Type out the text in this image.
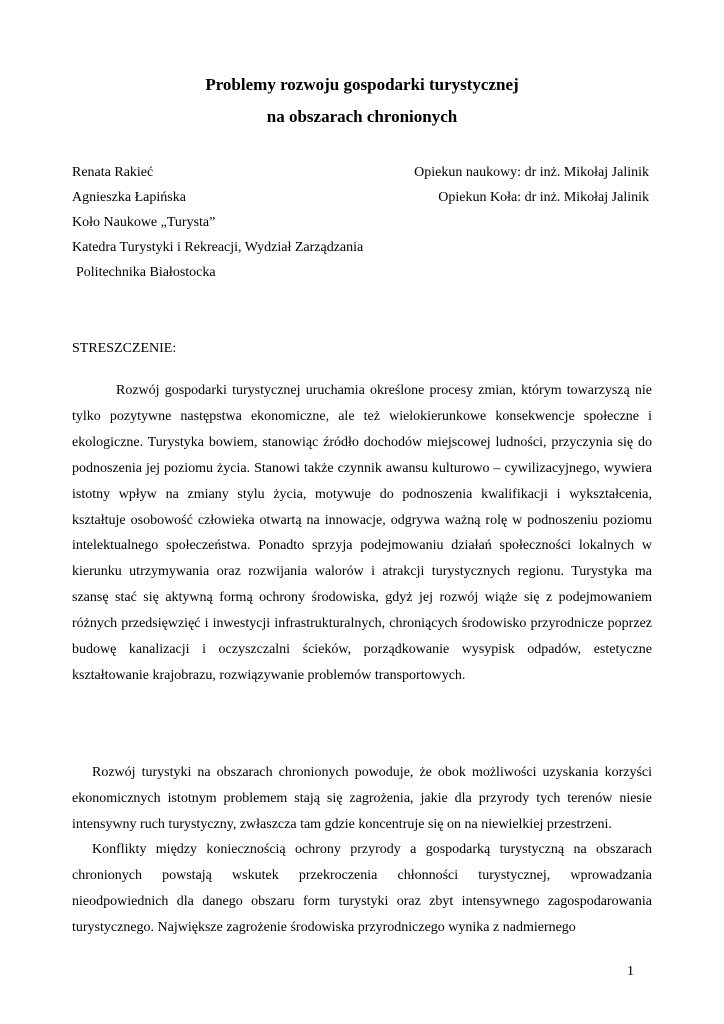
Problemy rozwoju gospodarki turystycznej
na obszarach chronionych
Renata Rakieć	Opiekun naukowy: dr inż. Mikołaj Jalinik
Agnieszka Łapińska	Opiekun Koła: dr inż. Mikołaj Jalinik
Koło Naukowe „Turysta”
Katedra Turystyki i Rekreacji, Wydział Zarządzania
Politechnika Białostocka
STRESZCZENIE:

Rozwój gospodarki turystycznej uruchamia określone procesy zmian, którym towarzyszą nie tylko pozytywne następstwa ekonomiczne, ale też wielokierunkowe konsekwencje społeczne i ekologiczne. Turystyka bowiem, stanowiąc źródło dochodów miejscowej ludności, przyczynia się do podnoszenia jej poziomu życia. Stanowi także czynnik awansu kulturowo – cywilizacyjnego, wywiera istotny wpływ na zmiany stylu życia, motywuje do podnoszenia kwalifikacji i wykształcenia, kształtuje osobowość człowieka otwartą na innowacje, odgrywa ważną rolę w podnoszeniu poziomu intelektualnego społeczeństwa. Ponadto sprzyja podejmowaniu działań społeczności lokalnych w kierunku utrzymywania oraz rozwijania walorów i atrakcji turystycznych regionu. Turystyka ma szansę stać się aktywną formą ochrony środowiska, gdyż jej rozwój wiąże się z podejmowaniem różnych przedsięwzięć i inwestycji infrastrukturalnych, chroniących środowisko przyrodnicze poprzez budowę kanalizacji i oczyszczalni ścieków, porządkowanie wysypisk odpadów, estetyczne kształtowanie krajobrazu, rozwiązywanie problemów transportowych.

Rozwój turystyki na obszarach chronionych powoduje, że obok możliwości uzyskania korzyści ekonomicznych istotnym problemem stają się zagrożenia, jakie dla przyrody tych terenów niesie intensywny ruch turystyczny, zwłaszcza tam gdzie koncentruje się on na niewielkiej przestrzeni.

Konflikty między koniecznością ochrony przyrody a gospodarką turystyczną na obszarach chronionych powstają wskutek przekroczenia chłonności turystycznej, wprowadzania nieodpowiednich dla danego obszaru form turystyki oraz zbyt intensywnego zagospodarowania turystycznego. Największe zagrożenie środowiska przyrodniczego wynika z nadmiernego

1
